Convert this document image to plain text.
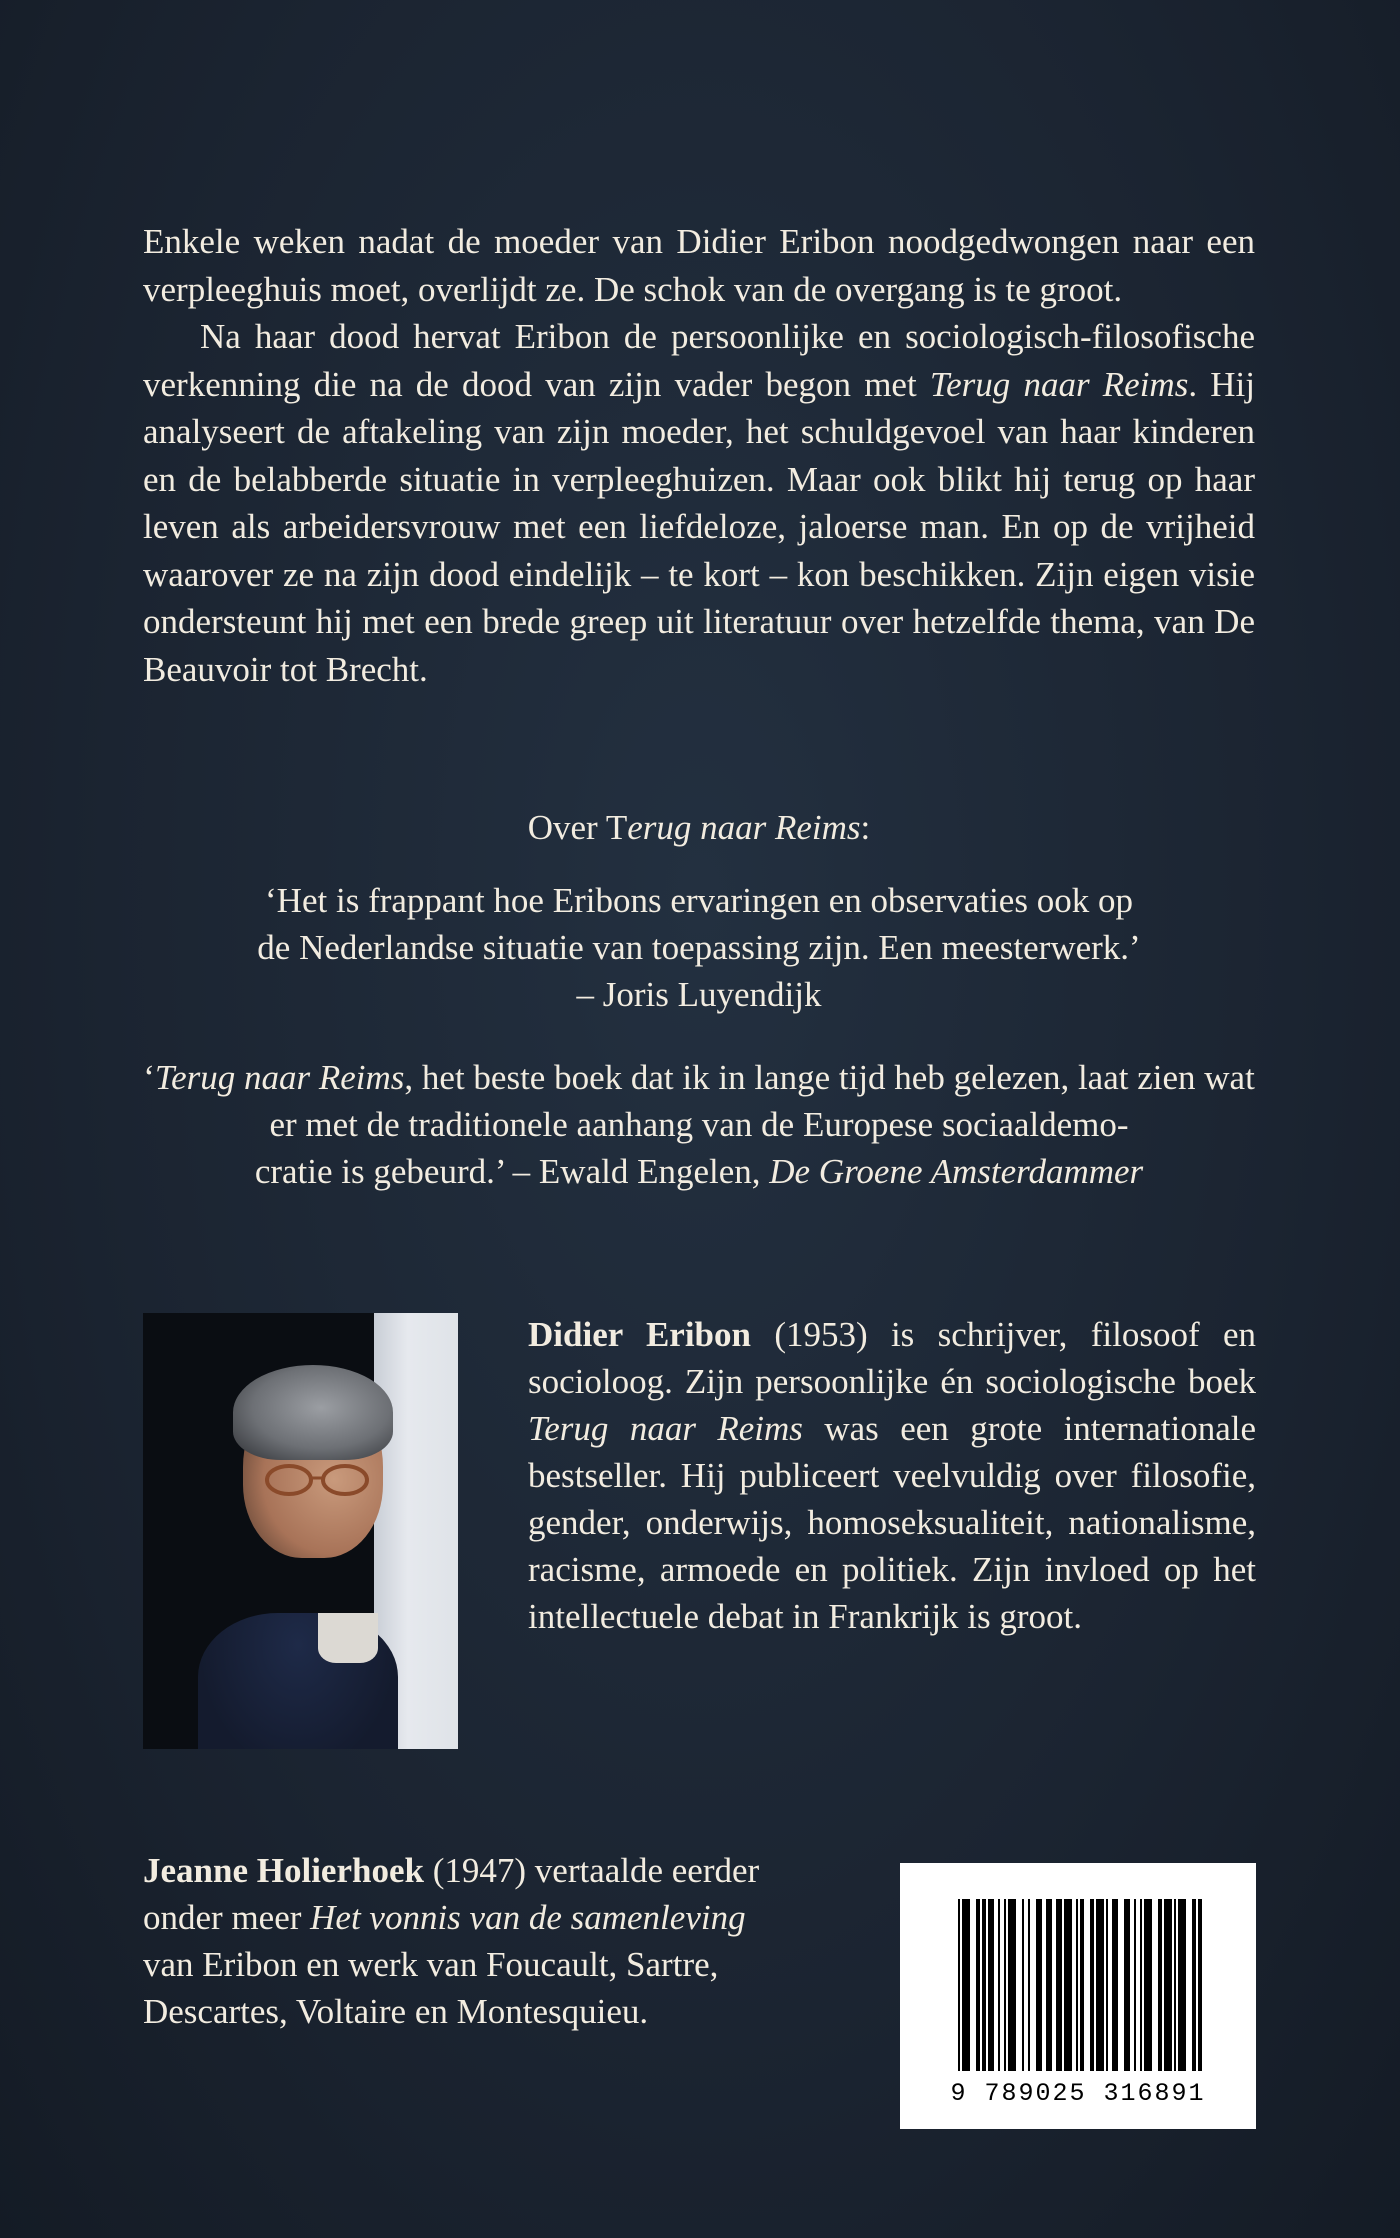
Enkele weken nadat de moeder van Didier Eribon noodgedwongen naar een verpleeghuis moet, overlijdt ze. De schok van de overgang is te groot.

Na haar dood hervat Eribon de persoonlijke en sociologisch-filosofische verkenning die na de dood van zijn vader begon met Terug naar Reims. Hij analyseert de aftakeling van zijn moeder, het schuldgevoel van haar kinderen en de belabberde situatie in verpleeghuizen. Maar ook blikt hij terug op haar leven als arbeidersvrouw met een liefdeloze, jaloerse man. En op de vrijheid waarover ze na zijn dood eindelijk – te kort – kon beschikken. Zijn eigen visie ondersteunt hij met een brede greep uit literatuur over hetzelfde thema, van De Beauvoir tot Brecht.

Over Terug naar Reims:

‘Het is frappant hoe Eribons ervaringen en observaties ook op

de Nederlandse situatie van toepassing zijn. Een meesterwerk.’

– Joris Luyendijk

‘Terug naar Reims, het beste boek dat ik in lange tijd heb gelezen, laat zien wat er met de traditionele aanhang van de Europese sociaaldemo-

cratie is gebeurd.’ – Ewald Engelen, De Groene Amsterdammer

Didier Eribon (1953) is schrijver, filosoof en socioloog. Zijn persoonlijke én sociologische boek Terug naar Reims was een grote internationale bestseller. Hij publiceert veelvuldig over filosofie, gender, onderwijs, homoseksualiteit, nationalisme, racisme, armoede en politiek. Zijn invloed op het intellectuele debat in Frankrijk is groot.
Jeanne Holierhoek (1947) vertaalde eerder
onder meer Het vonnis van de samenleving
van Eribon en werk van Foucault, Sartre,
Descartes, Voltaire en Montesquieu.
9 789025 316891
